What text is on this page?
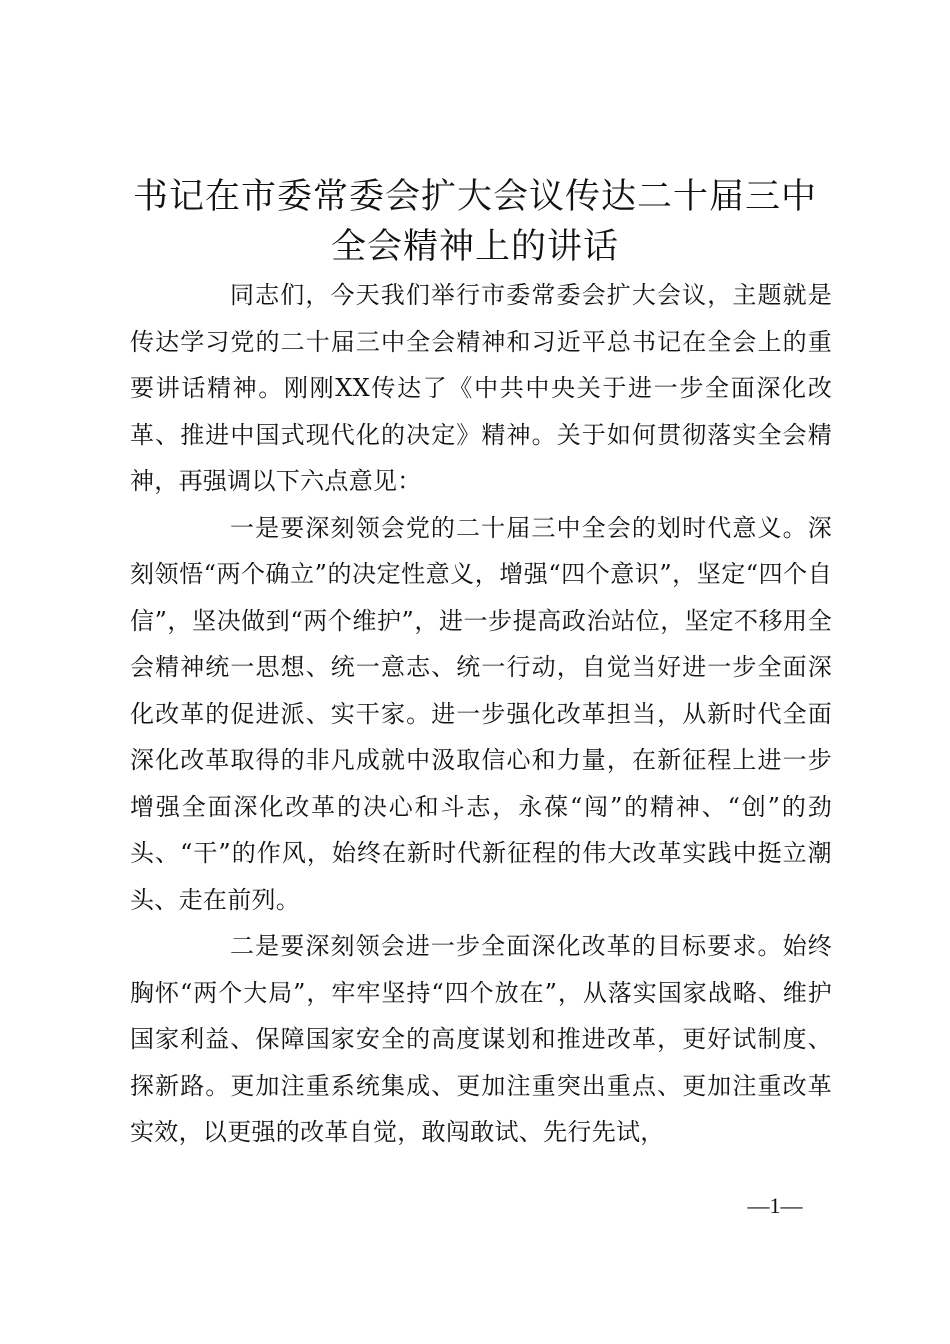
书记在市委常委会扩大会议传达二十届三中全会精神上的讲话

同志们，今天我们举行市委常委会扩大会议，主题就是传达学习党的二十届三中全会精神和习近平总书记在全会上的重要讲话精神。刚刚XX传达了《中共中央关于进一步全面深化改革、推进中国式现代化的决定》精神。关于如何贯彻落实全会精神，再强调以下六点意见：

一是要深刻领会党的二十届三中全会的划时代意义。深刻领悟“两个确立”的决定性意义，增强“四个意识”，坚定“四个自信”，坚决做到“两个维护”，进一步提高政治站位，坚定不移用全会精神统一思想、统一意志、统一行动，自觉当好进一步全面深化改革的促进派、实干家。进一步强化改革担当，从新时代全面深化改革取得的非凡成就中汲取信心和力量，在新征程上进一步增强全面深化改革的决心和斗志，永葆“闯”的精神、“创”的劲头、“干”的作风，始终在新时代新征程的伟大改革实践中挺立潮头、走在前列。

二是要深刻领会进一步全面深化改革的目标要求。始终胸怀“两个大局”，牢牢坚持“四个放在”，从落实国家战略、维护国家利益、保障国家安全的高度谋划和推进改革，更好试制度、探新路。更加注重系统集成、更加注重突出重点、更加注重改革实效，以更强的改革自觉，敢闯敢试、先行先试，

—1—
